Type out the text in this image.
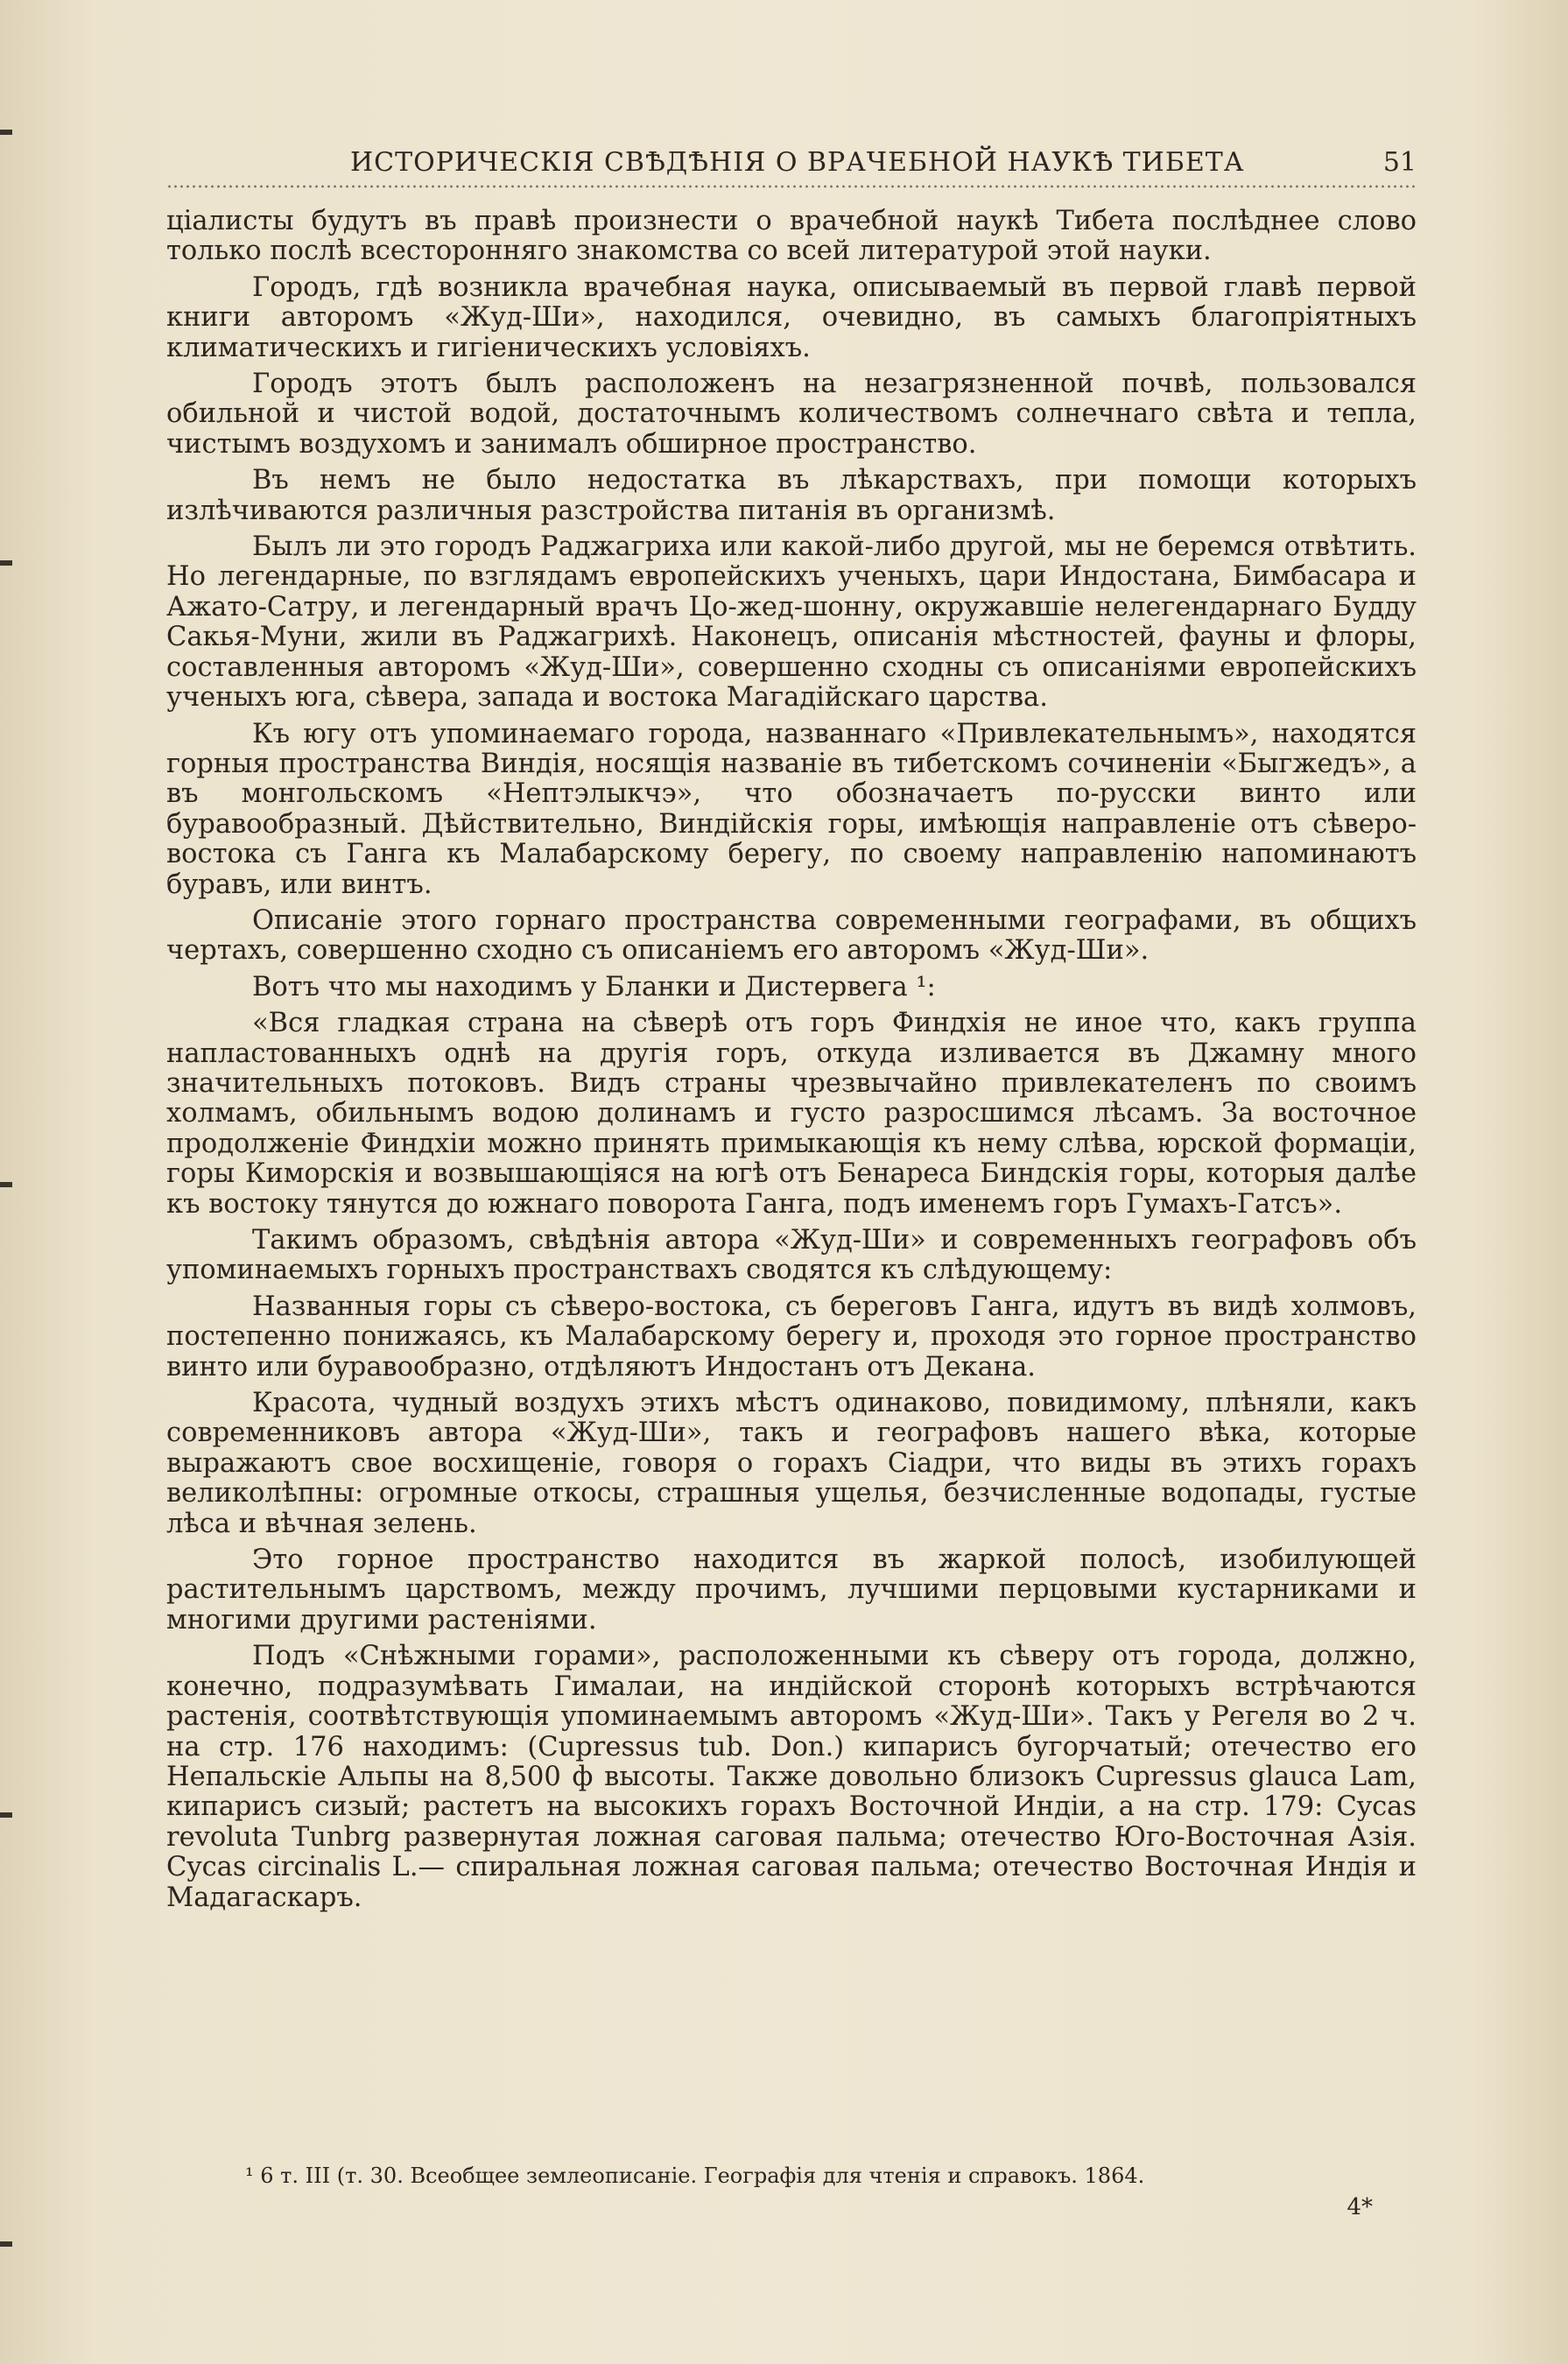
ИСТОРИЧЕСКІЯ СВѢДѢНІЯ О ВРАЧЕБНОЙ НАУКѢ ТИБЕТА	51

ціалисты будутъ въ правѣ произнести о врачебной наукѣ Тибета послѣднее слово только послѣ всесторонняго знакомства со всей литературой этой науки.

Городъ, гдѣ возникла врачебная наука, описываемый въ первой главѣ первой книги авторомъ «Жуд-Ши», находился, очевидно, въ самыхъ благопріятныхъ климатическихъ и гигіеническихъ условіяхъ.

Городъ этотъ былъ расположенъ на незагрязненной почвѣ, пользовался обильной и чистой водой, достаточнымъ количествомъ солнечнаго свѣта и тепла, чистымъ воздухомъ и занималъ обширное пространство.

Въ немъ не было недостатка въ лѣкарствахъ, при помощи которыхъ излѣчиваются различныя разстройства питанія въ организмѣ.

Былъ ли это городъ Раджагриха или какой-либо другой, мы не беремся отвѣтить. Но легендарные, по взглядамъ европейскихъ ученыхъ, цари Индостана, Бимбасара и Ажато-Сатру, и легендарный врачъ Цо-жед-шонну, окружавшіе нелегендарнаго Будду Сакья-Муни, жили въ Раджагрихѣ. Наконецъ, описанія мѣстностей, фауны и флоры, составленныя авторомъ «Жуд-Ши», совершенно сходны съ описаніями европейскихъ ученыхъ юга, сѣвера, запада и востока Магадійскаго царства.

Къ югу отъ упоминаемаго города, названнаго «Привлекательнымъ», находятся горныя пространства Виндія, носящія названіе въ тибетскомъ сочиненіи «Быгжедъ», а въ монгольскомъ «Нептэлыкчэ», что обозначаетъ по-русски винто или буравообразный. Дѣйствительно, Виндійскія горы, имѣющія направленіе отъ сѣверо-востока съ Ганга къ Малабарскому берегу, по своему направленію напоминаютъ буравъ, или винтъ.

Описаніе этого горнаго пространства современными географами, въ общихъ чертахъ, совершенно сходно съ описаніемъ его авторомъ «Жуд-Ши».

Вотъ что мы находимъ у Бланки и Дистервега ¹:

«Вся гладкая страна на сѣверѣ отъ горъ Финдхія не иное что, какъ группа напластованныхъ однѣ на другія горъ, откуда изливается въ Джамну много значительныхъ потоковъ. Видъ страны чрезвычайно привлекателенъ по своимъ холмамъ, обильнымъ водою долинамъ и густо разросшимся лѣсамъ. За восточное продолженіе Финдхіи можно принять примыкающія къ нему слѣва, юрской формаціи, горы Киморскія и возвышающіяся на югѣ отъ Бенареса Биндскія горы, которыя далѣе къ востоку тянутся до южнаго поворота Ганга, подъ именемъ горъ Гумахъ-Гатсъ».

Такимъ образомъ, свѣдѣнія автора «Жуд-Ши» и современныхъ географовъ объ упоминаемыхъ горныхъ пространствахъ сводятся къ слѣдующему:

Названныя горы съ сѣверо-востока, съ береговъ Ганга, идутъ въ видѣ холмовъ, постепенно понижаясь, къ Малабарскому берегу и, проходя это горное пространство винто или буравообразно, отдѣляютъ Индостанъ отъ Декана.

Красота, чудный воздухъ этихъ мѣстъ одинаково, повидимому, плѣняли, какъ современниковъ автора «Жуд-Ши», такъ и географовъ нашего вѣка, которые выражаютъ свое восхищеніе, говоря о горахъ Сіадри, что виды въ этихъ горахъ великолѣпны: огромные откосы, страшныя ущелья, безчисленные водопады, густые лѣса и вѣчная зелень.

Это горное пространство находится въ жаркой полосѣ, изобилующей растительнымъ царствомъ, между прочимъ, лучшими перцовыми кустарниками и многими другими растеніями.

Подъ «Снѣжными горами», расположенными къ сѣверу отъ города, должно, конечно, подразумѣвать Гималаи, на индійской сторонѣ которыхъ встрѣчаются растенія, соотвѣтствующія упоминаемымъ авторомъ «Жуд-Ши». Такъ у Регеля во 2 ч. на стр. 176 находимъ: (Cupressus tub. Don.) кипарисъ бугорчатый; отечество его Непальскіе Альпы на 8,500 ф высоты. Также довольно близокъ Cupressus glauca Lam, кипарисъ сизый; растетъ на высокихъ горахъ Восточной Индіи, а на стр. 179: Cycas revoluta Tunbrg развернутая ложная саговая пальма; отечество Юго-Восточная Азія. Cycas circinalis L.— спиральная ложная саговая пальма; отечество Восточная Индія и Мадагаскаръ.

¹ 6 т. III (т. 30. Всеобщее землеописаніе. Географія для чтенія и справокъ. 1864.
4*
